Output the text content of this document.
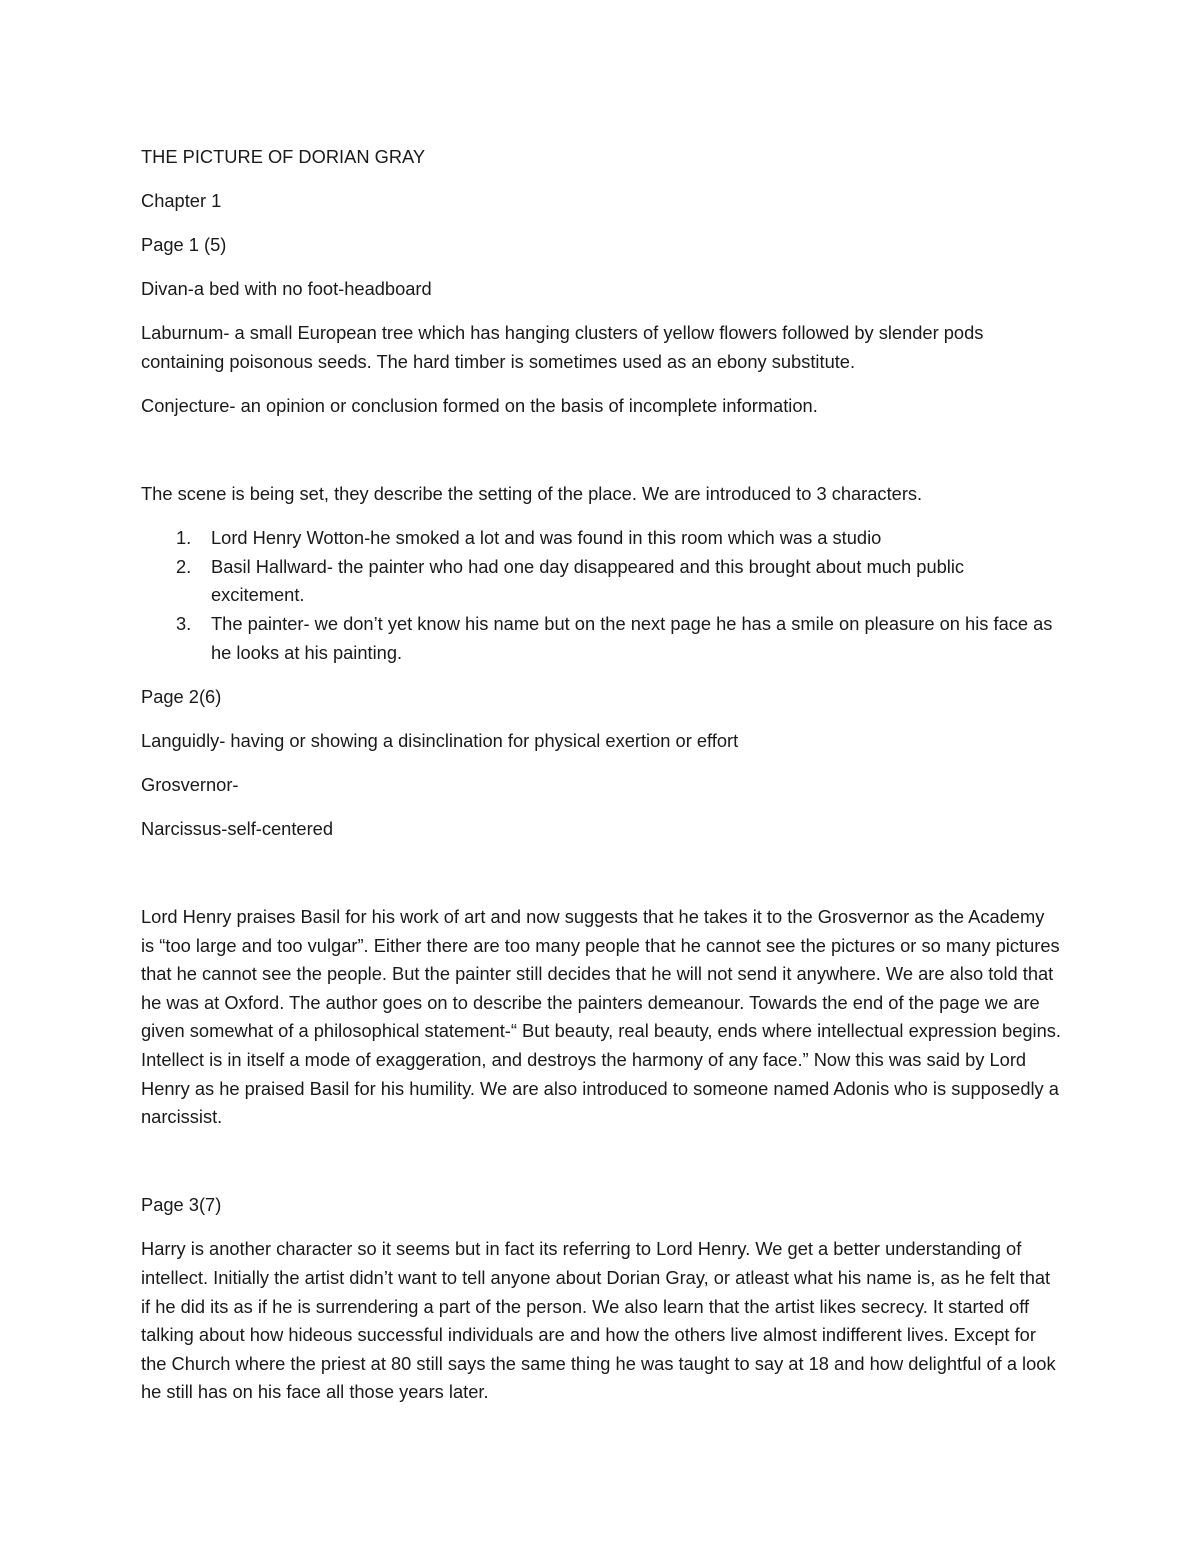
THE PICTURE OF DORIAN GRAY

Chapter 1

Page 1 (5)

Divan-a bed with no foot-headboard

Laburnum- a small European tree which has hanging clusters of yellow flowers followed by slender pods containing poisonous seeds. The hard timber is sometimes used as an ebony substitute.

Conjecture- an opinion or conclusion formed on the basis of incomplete information.

The scene is being set, they describe the setting of the place. We are introduced to 3 characters.

1. Lord Henry Wotton-he smoked a lot and was found in this room which was a studio
2. Basil Hallward- the painter who had one day disappeared and this brought about much public excitement.
3. The painter- we don’t yet know his name but on the next page he has a smile on pleasure on his face as he looks at his painting.

Page 2(6)

Languidly- having or showing a disinclination for physical exertion or effort

Grosvernor-

Narcissus-self-centered

Lord Henry praises Basil for his work of art and now suggests that he takes it to the Grosvernor as the Academy is “too large and too vulgar”. Either there are too many people that he cannot see the pictures or so many pictures that he cannot see the people. But the painter still decides that he will not send it anywhere. We are also told that he was at Oxford. The author goes on to describe the painters demeanour. Towards the end of the page we are given somewhat of a philosophical statement-“ But beauty, real beauty, ends where intellectual expression begins. Intellect is in itself a mode of exaggeration, and destroys the harmony of any face.” Now this was said by Lord Henry as he praised Basil for his humility. We are also introduced to someone named Adonis who is supposedly a narcissist.

Page 3(7)

Harry is another character so it seems but in fact its referring to Lord Henry. We get a better understanding of intellect. Initially the artist didn’t want to tell anyone about Dorian Gray, or atleast what his name is, as he felt that if he did its as if he is surrendering a part of the person. We also learn that the artist likes secrecy. It started off talking about how hideous successful individuals are and how the others live almost indifferent lives. Except for the Church where the priest at 80 still says the same thing he was taught to say at 18 and how delightful of a look he still has on his face all those years later.
